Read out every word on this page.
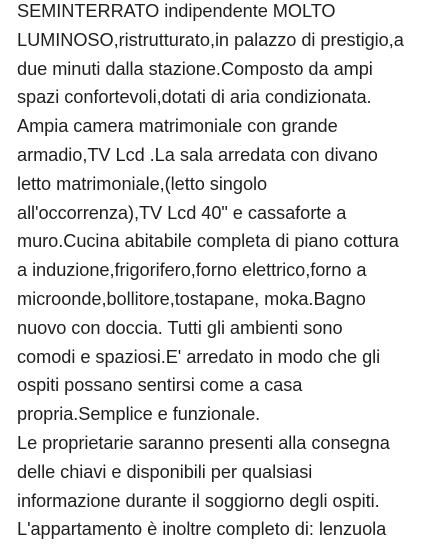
SEMINTERRATO indipendente MOLTO
LUMINOSO,ristrutturato,in palazzo di prestigio,a
due minuti dalla stazione.Composto da ampi
spazi confortevoli,dotati di aria condizionata.
Ampia camera matrimoniale con grande
armadio,TV Lcd .La sala arredata con divano
letto matrimoniale,(letto singolo
all'occorrenza),TV Lcd 40" e cassaforte a
muro.Cucina abitabile completa di piano cottura
a induzione,frigorifero,forno elettrico,forno a
microonde,bollitore,tostapane, moka.Bagno
nuovo con doccia. Tutti gli ambienti sono
comodi e spaziosi.E' arredato in modo che gli
ospiti possano sentirsi come a casa
propria.Semplice e funzionale.
Le proprietarie saranno presenti alla consegna
delle chiavi e disponibili per qualsiasi
informazione durante il soggiorno degli ospiti.
L'appartamento è inoltre completo di: lenzuola
